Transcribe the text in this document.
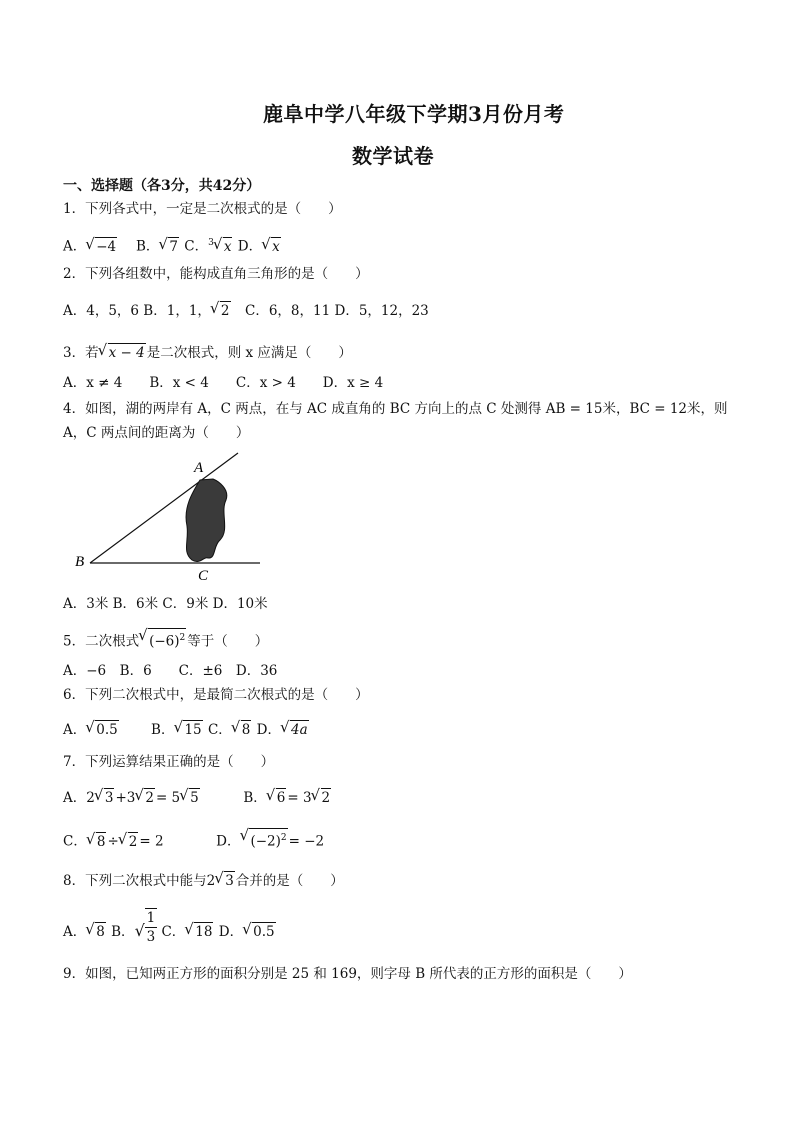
鹿阜中学八年级下学期3月份月考
数学试卷
一、选择题（各3分，共42分）
1．下列各式中，一定是二次根式的是（　　）
A． √ −4 　B． √ 7 C．$^3$ √ x D． √ x
2．下列各组数中，能构成直角三角形的是（　　）
A．4，5，6 B．1，1， √ 2　C．6，8，11 D．5，12，23
3．若 √ x − 4 是二次根式，则 x 应满足（　　）
A．x ≠ 4　　B．x < 4　　C．x > 4　　D．x ≥ 4
4．如图，湖的两岸有 A，C 两点，在与 AC 成直角的 BC 方向上的点 C 处测得 AB = 15米，BC = 12米，则
A，C 两点间的距离为（　　）
A
B
C
A．3米 B．6米 C．9米 D．10米
5．二次根式 √ $(-6)^2$ 等于（　　）
A．−6　B．6　　C．±6　D．36
6．下列二次根式中，是最简二次根式的是（　　）
A． √ 0.5 　　B． √ 15 C． √ 8 D． √ 4a
7．下列运算结果正确的是（　　）
A．2 √ 3 +3 √ 2 = 5 √ 5	B． √ 6 = 3 √ 2
C． √ 8 ÷ √ 2 = 2	D． √ $(-2)^2 = -2$
8．下列二次根式中能与2 √ 3 合并的是（　　）
A． √ 8 B． √ $\frac{1}{3}$ C． √ 18 D． √ 0.5
9．如图，已知两正方形的面积分别是 25 和 169，则字母 B 所代表的正方形的面积是（　　）
